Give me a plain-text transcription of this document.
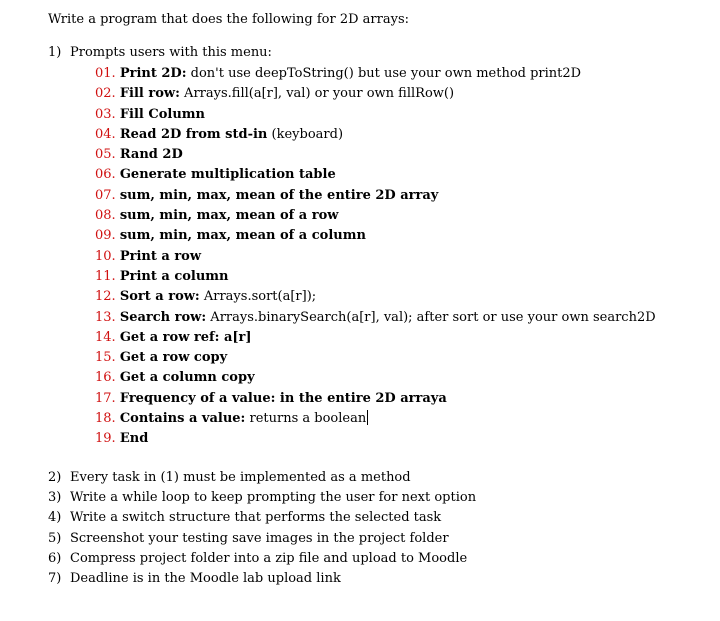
Write a program that does the following for 2D arrays:
1) Prompts users with this menu:
01. Print 2D: don't use deepToString() but use your own method print2D
02. Fill row: Arrays.fill(a[r], val) or your own fillRow()
03. Fill Column
04. Read 2D from std-in (keyboard)
05. Rand 2D
06. Generate multiplication table
07. sum, min, max, mean of the entire 2D array
08. sum, min, max, mean of a row
09. sum, min, max, mean of a column
10. Print a row
11. Print a column
12. Sort a row: Arrays.sort(a[r]);
13. Search row: Arrays.binarySearch(a[r], val); after sort or use your own search2D
14. Get a row ref: a[r]
15. Get a row copy
16. Get a column copy
17. Frequency of a value: in the entire 2D arraya
18. Contains a value: returns a boolean
19. End
2) Every task in (1) must be implemented as a method
3) Write a while loop to keep prompting the user for next option
4) Write a switch structure that performs the selected task
5) Screenshot your testing save images in the project folder
6) Compress project folder into a zip file and upload to Moodle
7) Deadline is in the Moodle lab upload link
